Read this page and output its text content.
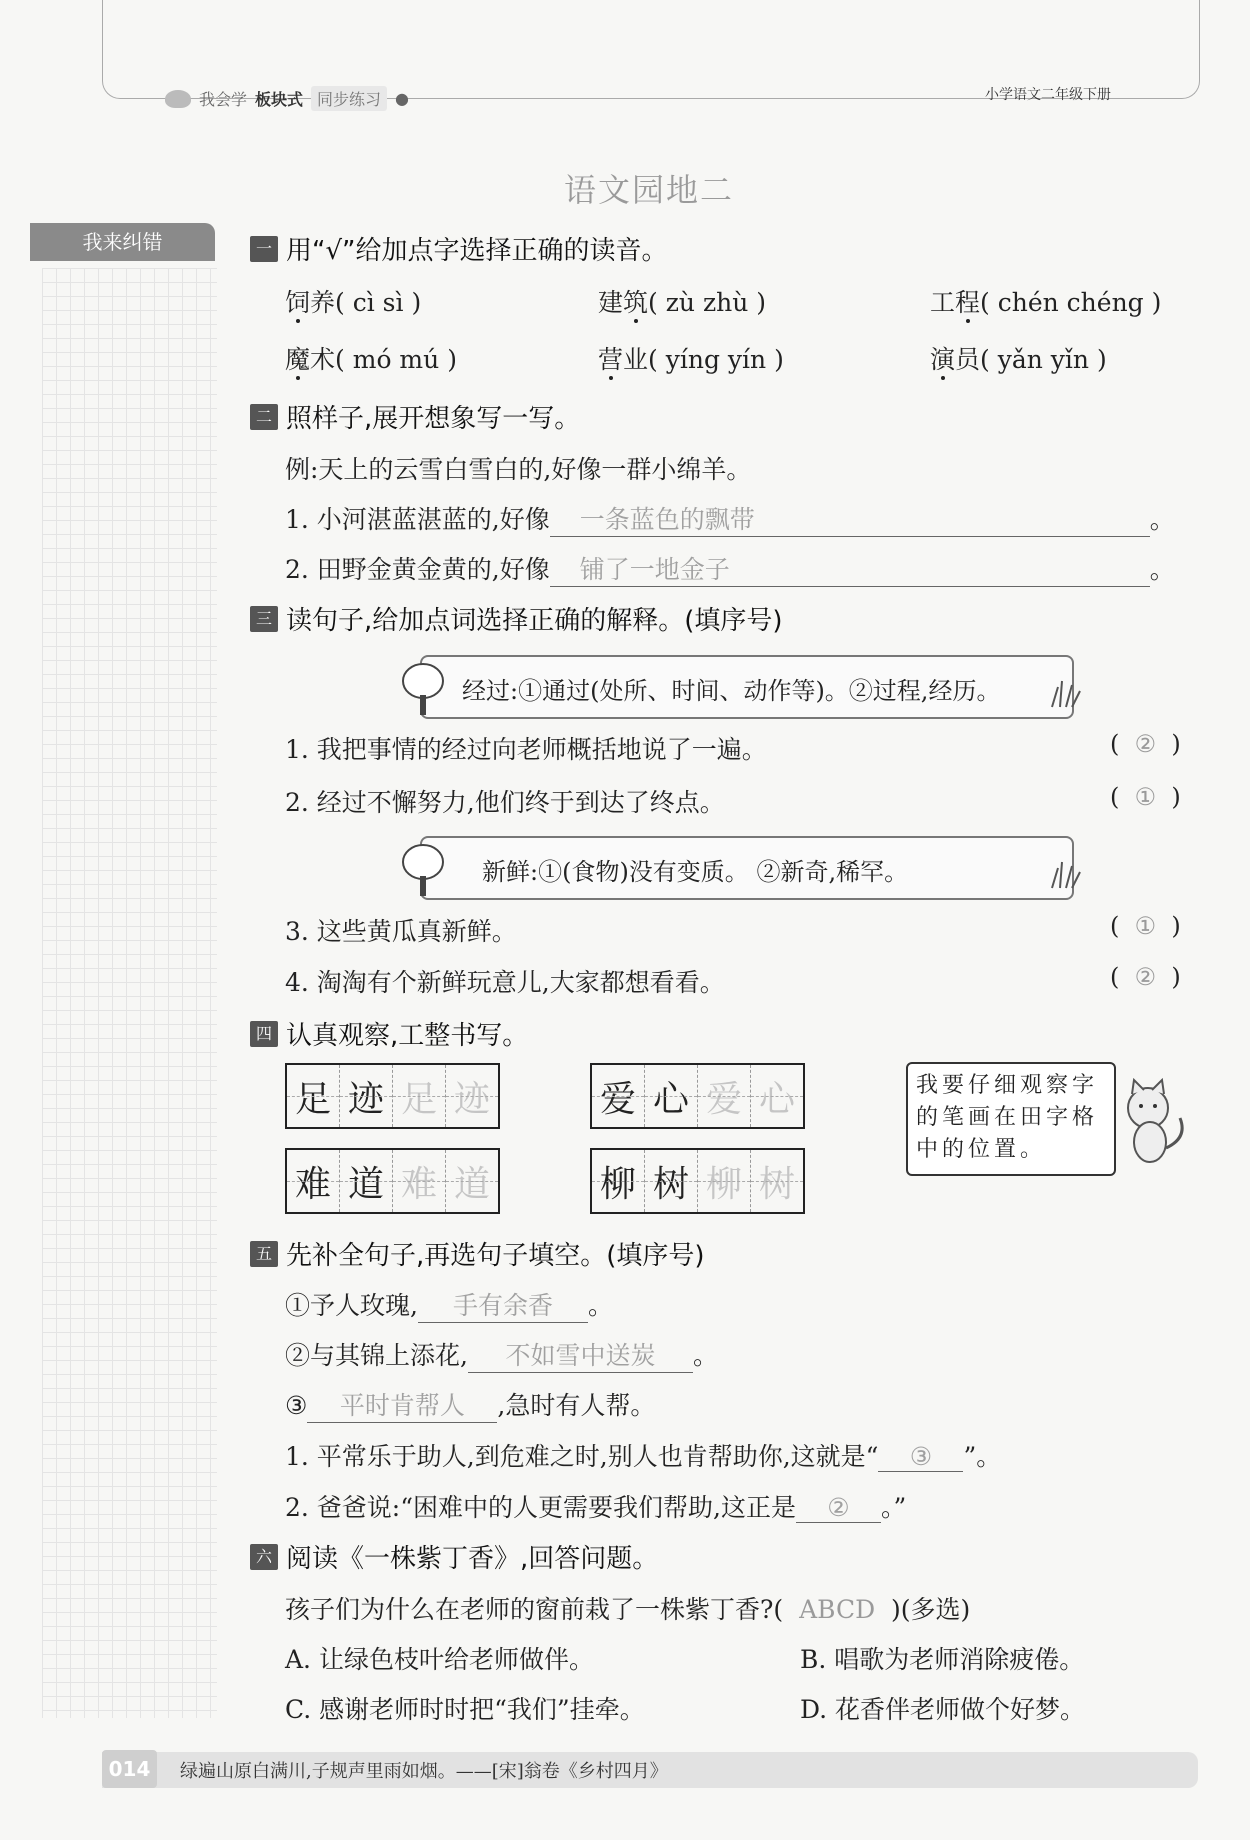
我会学 板块式 同步练习 ●	小学语文二年级下册
语文园地二
我来纠错	一 用“√”给加点字选择正确的读音。
饲养( cì sì )	建筑( zù zhù )	工程( chén chéng )
魔术( mó mú )	营业( yíng yín )	演员( yǎn yǐn )
二 照样子,展开想象写一写。
例:天上的云雪白雪白的,好像一群小绵羊。
1. 小河湛蓝湛蓝的,好像 一条蓝色的飘带	。
2. 田野金黄金黄的,好像 铺了一地金子	。
三 读句子,给加点词选择正确的解释。(填序号)
经过:①通过(处所、时间、动作等)。②过程,经历。
1. 我把事情的经过向老师概括地说了一遍。	(  ②  )
2. 经过不懈努力,他们终于到达了终点。	(  ①  )
新鲜:①(食物)没有变质。 ②新奇,稀罕。
3. 这些黄瓜真新鲜。	(  ①  )
4. 淘淘有个新鲜玩意儿,大家都想看看。	(  ②  )
四 认真观察,工整书写。
足 迹 足 迹	爱 心 爱 心
难 道 难 道	柳 树 柳 树
我要仔细观察字的笔画在田字格中的位置。
五 先补全句子,再选句子填空。(填序号)
①予人玫瑰, 手有余香 。
②与其锦上添花, 不如雪中送炭 。
③ 平时肯帮人 ,急时有人帮。
1. 平常乐于助人,到危难之时,别人也肯帮助你,这就是“ ③ ”。
2. 爸爸说:“困难中的人更需要我们帮助,这正是 ② 。”
六 阅读《一株紫丁香》,回答问题。
孩子们为什么在老师的窗前栽了一株紫丁香?( ABCD )(多选)
A. 让绿色枝叶给老师做伴。	B. 唱歌为老师消除疲倦。
C. 感谢老师时时把“我们”挂牵。	D. 花香伴老师做个好梦。
014	绿遍山原白满川,子规声里雨如烟。——[宋]翁卷《乡村四月》
